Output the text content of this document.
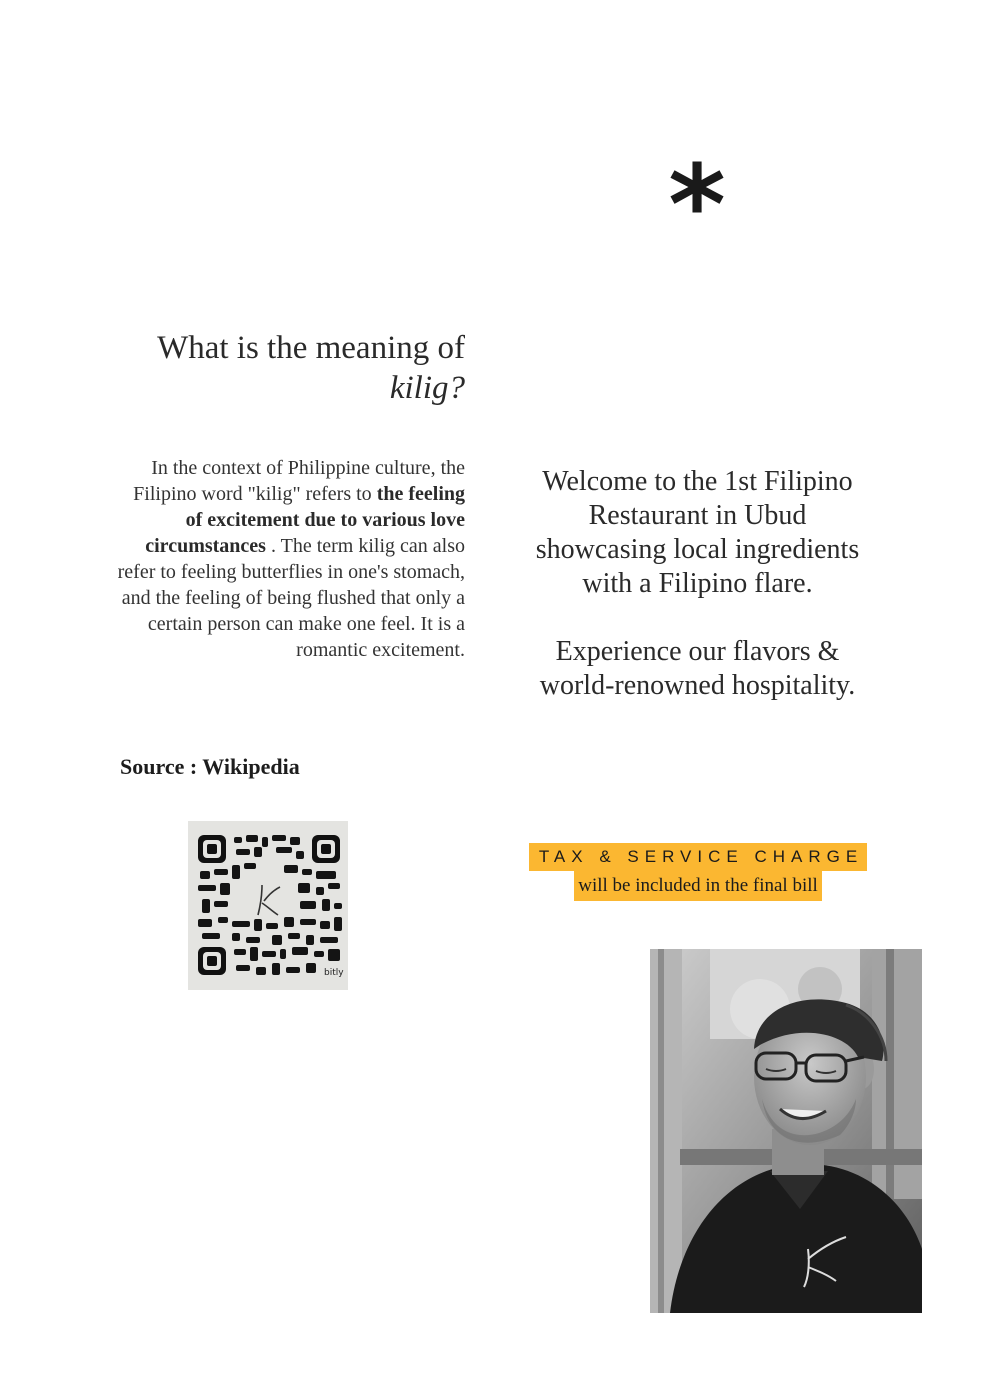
*
What is the meaning of
kilig?
In the context of Philippine culture, the Filipino word "kilig" refers to the feeling of excitement due to various love circumstances . The term kilig can also refer to feeling butterflies in one's stomach, and the feeling of being flushed that only a certain person can make one feel. It is a romantic excitement.
Source : Wikipedia

Welcome to the 1st Filipino Restaurant in Ubud showcasing local ingredients with a Filipino flare.

Experience our flavors & world-renowned hospitality.

TAX & SERVICE CHARGE
will be included in the final bill
bitly
